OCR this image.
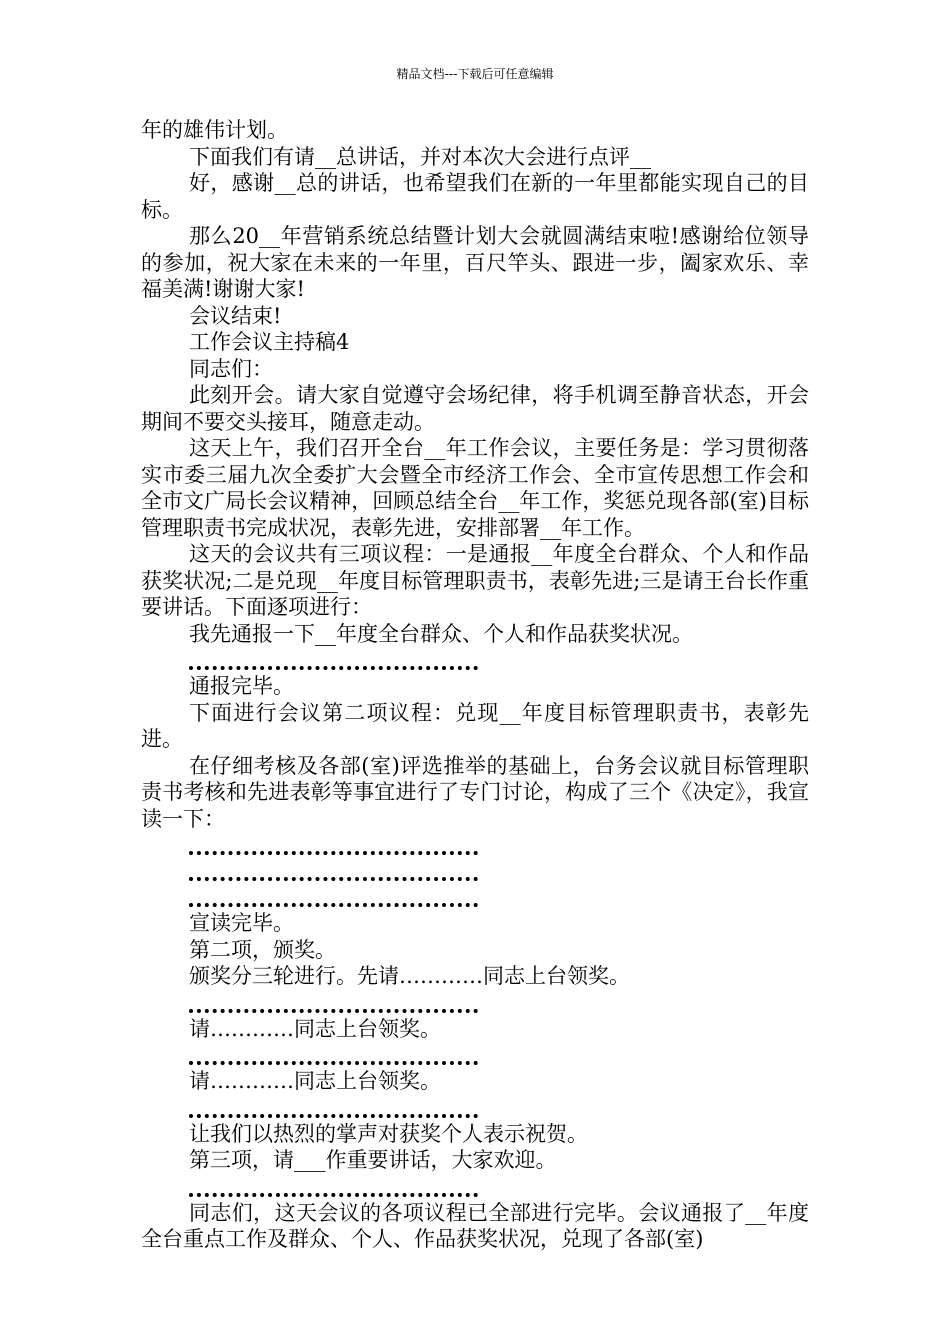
精品文档---下载后可任意编辑

年的雄伟计划。

下面我们有请__总讲话，并对本次大会进行点评__

好，感谢__总的讲话，也希望我们在新的一年里都能实现自己的目标。

那么20__年营销系统总结暨计划大会就圆满结束啦!感谢给位领导的参加，祝大家在未来的一年里，百尺竿头、跟进一步，阖家欢乐、幸福美满!谢谢大家!

会议结束!

工作会议主持稿4

同志们：

此刻开会。请大家自觉遵守会场纪律，将手机调至静音状态，开会期间不要交头接耳，随意走动。

这天上午，我们召开全台__年工作会议，主要任务是：学习贯彻落实市委三届九次全委扩大会暨全市经济工作会、全市宣传思想工作会和全市文广局长会议精神，回顾总结全台__年工作，奖惩兑现各部(室)目标管理职责书完成状况，表彰先进，安排部署__年工作。

这天的会议共有三项议程：一是通报__年度全台群众、个人和作品获奖状况;二是兑现__年度目标管理职责书，表彰先进;三是请王台长作重要讲话。下面逐项进行：

我先通报一下__年度全台群众、个人和作品获奖状况。

通报完毕。

下面进行会议第二项议程：兑现__年度目标管理职责书，表彰先进。

在仔细考核及各部(室)评选推举的基础上，台务会议就目标管理职责书考核和先进表彰等事宜进行了专门讨论，构成了三个《决定》，我宣读一下：

宣读完毕。

第二项，颁奖。

颁奖分三轮进行。先请…………同志上台领奖。

请…………同志上台领奖。

请…………同志上台领奖。

让我们以热烈的掌声对获奖个人表示祝贺。

第三项，请___作重要讲话，大家欢迎。

同志们，这天会议的各项议程已全部进行完毕。会议通报了__年度全台重点工作及群众、个人、作品获奖状况，兑现了各部(室)
